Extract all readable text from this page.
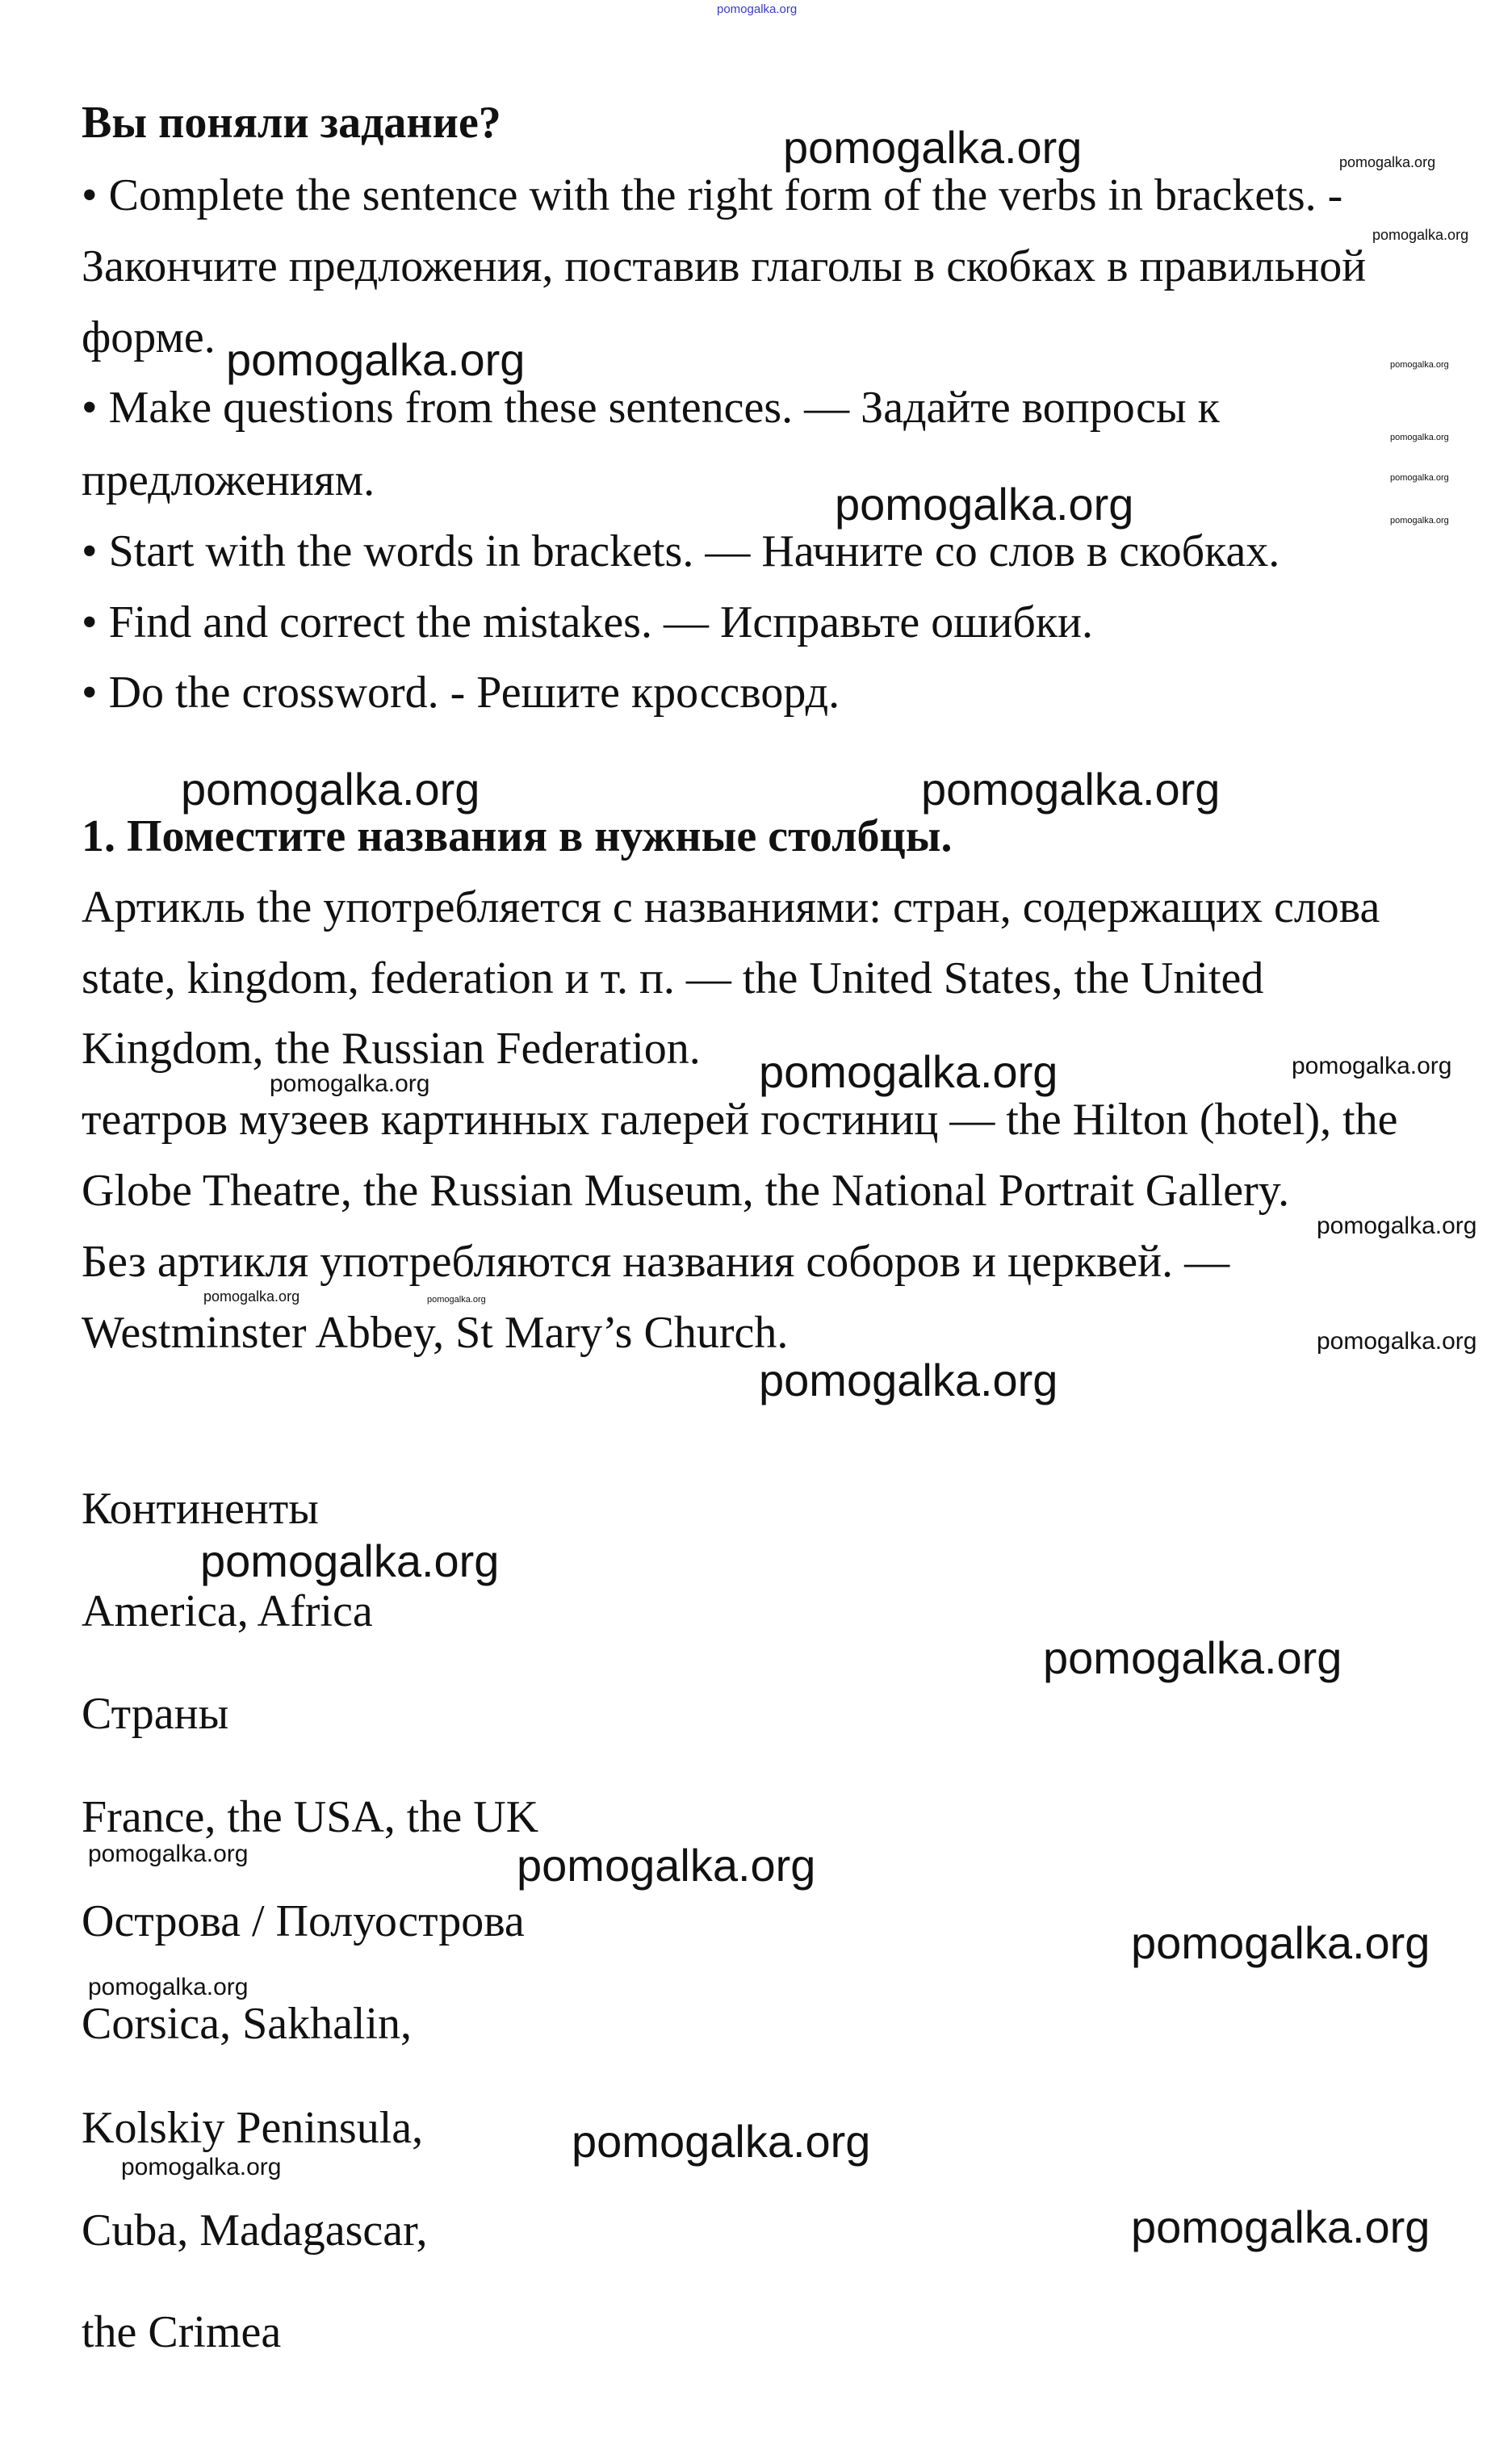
pomogalka.org
Вы поняли задание?
• Complete the sentence with the right form of the verbs in brackets. -
Закончите предложения, поставив глаголы в скобках в правильной
форме.
• Make questions from these sentences. — Задайте вопросы к
предложениям.
• Start with the words in brackets. — Начните со слов в скобках.
• Find and correct the mistakes. — Исправьте ошибки.
• Do the crossword. - Решите кроссворд.
1. Поместите названия в нужные столбцы.
Артикль the употребляется с названиями: стран, содержащих слова
state, kingdom, federation и т. п. — the United States, the United
Kingdom, the Russian Federation.
театров музеев картинных галерей гостиниц — the Hilton (hotel), the
Globe Theatre, the Russian Museum, the National Portrait Gallery.
Без артикля употребляются названия соборов и церквей. —
Westminster Abbey, St Mary’s Church.
Континенты
America, Africa
Страны
France, the USA, the UK
Острова / Полуострова
Corsica, Sakhalin,
Kolskiy Peninsula,
Cuba, Madagascar,
the Crimea
pomogalka.org
pomogalka.org
pomogalka.org
pomogalka.org	pomogalka.org
pomogalka.org
pomogalka.org
pomogalka.org
pomogalka.org
pomogalka.org
pomogalka.org
pomogalka.org
pomogalka.org
pomogalka.org
pomogalka.org
pomogalka.org
pomogalka.org
pomogalka.org
pomogalka.org
pomogalka.org
pomogalka.org
pomogalka.org
pomogalka.org
pomogalka.org
pomogalka.org
pomogalka.org
pomogalka.org
pomogalka.org
